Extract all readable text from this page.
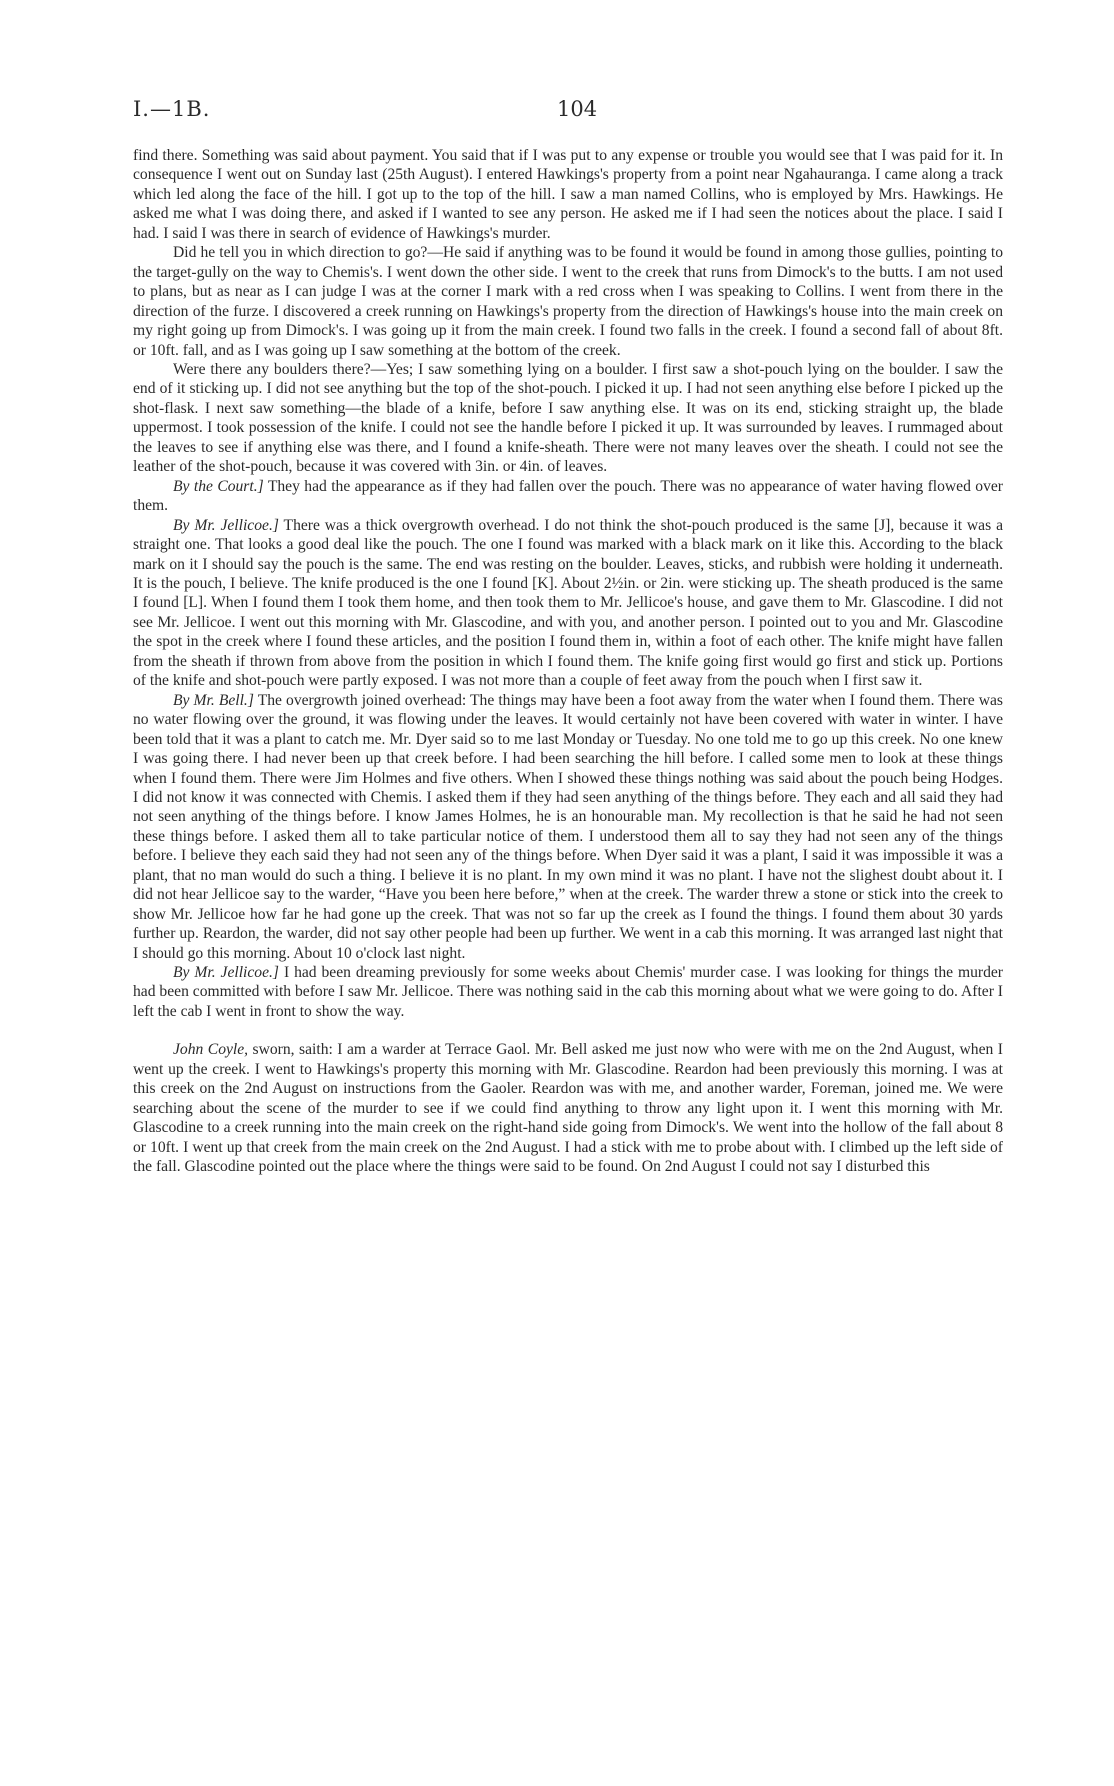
I.—1B.	104

find there. Something was said about payment. You said that if I was put to any expense or trouble you would see that I was paid for it. In consequence I went out on Sunday last (25th August). I entered Hawkings's property from a point near Ngahauranga. I came along a track which led along the face of the hill. I got up to the top of the hill. I saw a man named Collins, who is employed by Mrs. Hawkings. He asked me what I was doing there, and asked if I wanted to see any person. He asked me if I had seen the notices about the place. I said I had. I said I was there in search of evidence of Hawkings's murder.

Did he tell you in which direction to go?—He said if anything was to be found it would be found in among those gullies, pointing to the target-gully on the way to Chemis's. I went down the other side. I went to the creek that runs from Dimock's to the butts. I am not used to plans, but as near as I can judge I was at the corner I mark with a red cross when I was speaking to Collins. I went from there in the direction of the furze. I discovered a creek running on Hawkings's property from the direction of Hawkings's house into the main creek on my right going up from Dimock's. I was going up it from the main creek. I found two falls in the creek. I found a second fall of about 8ft. or 10ft. fall, and as I was going up I saw something at the bottom of the creek.

Were there any boulders there?—Yes; I saw something lying on a boulder. I first saw a shot-pouch lying on the boulder. I saw the end of it sticking up. I did not see anything but the top of the shot-pouch. I picked it up. I had not seen anything else before I picked up the shot-flask. I next saw something—the blade of a knife, before I saw anything else. It was on its end, sticking straight up, the blade uppermost. I took possession of the knife. I could not see the handle before I picked it up. It was surrounded by leaves. I rummaged about the leaves to see if anything else was there, and I found a knife-sheath. There were not many leaves over the sheath. I could not see the leather of the shot-pouch, because it was covered with 3in. or 4in. of leaves.

By the Court.] They had the appearance as if they had fallen over the pouch. There was no appearance of water having flowed over them.

By Mr. Jellicoe.] There was a thick overgrowth overhead. I do not think the shot-pouch produced is the same [J], because it was a straight one. That looks a good deal like the pouch. The one I found was marked with a black mark on it like this. According to the black mark on it I should say the pouch is the same. The end was resting on the boulder. Leaves, sticks, and rubbish were holding it underneath. It is the pouch, I believe. The knife produced is the one I found [K]. About 2½in. or 2in. were sticking up. The sheath produced is the same I found [L]. When I found them I took them home, and then took them to Mr. Jellicoe's house, and gave them to Mr. Glascodine. I did not see Mr. Jellicoe. I went out this morning with Mr. Glascodine, and with you, and another person. I pointed out to you and Mr. Glascodine the spot in the creek where I found these articles, and the position I found them in, within a foot of each other. The knife might have fallen from the sheath if thrown from above from the position in which I found them. The knife going first would go first and stick up. Portions of the knife and shot-pouch were partly exposed. I was not more than a couple of feet away from the pouch when I first saw it.

By Mr. Bell.] The overgrowth joined overhead: The things may have been a foot away from the water when I found them. There was no water flowing over the ground, it was flowing under the leaves. It would certainly not have been covered with water in winter. I have been told that it was a plant to catch me. Mr. Dyer said so to me last Monday or Tuesday. No one told me to go up this creek. No one knew I was going there. I had never been up that creek before. I had been searching the hill before. I called some men to look at these things when I found them. There were Jim Holmes and five others. When I showed these things nothing was said about the pouch being Hodges. I did not know it was connected with Chemis. I asked them if they had seen anything of the things before. They each and all said they had not seen anything of the things before. I know James Holmes, he is an honourable man. My recollection is that he said he had not seen these things before. I asked them all to take particular notice of them. I understood them all to say they had not seen any of the things before. I believe they each said they had not seen any of the things before. When Dyer said it was a plant, I said it was impossible it was a plant, that no man would do such a thing. I believe it is no plant. In my own mind it was no plant. I have not the slighest doubt about it. I did not hear Jellicoe say to the warder, “Have you been here before,” when at the creek. The warder threw a stone or stick into the creek to show Mr. Jellicoe how far he had gone up the creek. That was not so far up the creek as I found the things. I found them about 30 yards further up. Reardon, the warder, did not say other people had been up further. We went in a cab this morning. It was arranged last night that I should go this morning. About 10 o'clock last night.

By Mr. Jellicoe.] I had been dreaming previously for some weeks about Chemis' murder case. I was looking for things the murder had been committed with before I saw Mr. Jellicoe. There was nothing said in the cab this morning about what we were going to do. After I left the cab I went in front to show the way.

John Coyle, sworn, saith: I am a warder at Terrace Gaol. Mr. Bell asked me just now who were with me on the 2nd August, when I went up the creek. I went to Hawkings's property this morning with Mr. Glascodine. Reardon had been previously this morning. I was at this creek on the 2nd August on instructions from the Gaoler. Reardon was with me, and another warder, Foreman, joined me. We were searching about the scene of the murder to see if we could find anything to throw any light upon it. I went this morning with Mr. Glascodine to a creek running into the main creek on the right-hand side going from Dimock's. We went into the hollow of the fall about 8 or 10ft. I went up that creek from the main creek on the 2nd August. I had a stick with me to probe about with. I climbed up the left side of the fall. Glascodine pointed out the place where the things were said to be found. On 2nd August I could not say I disturbed this
